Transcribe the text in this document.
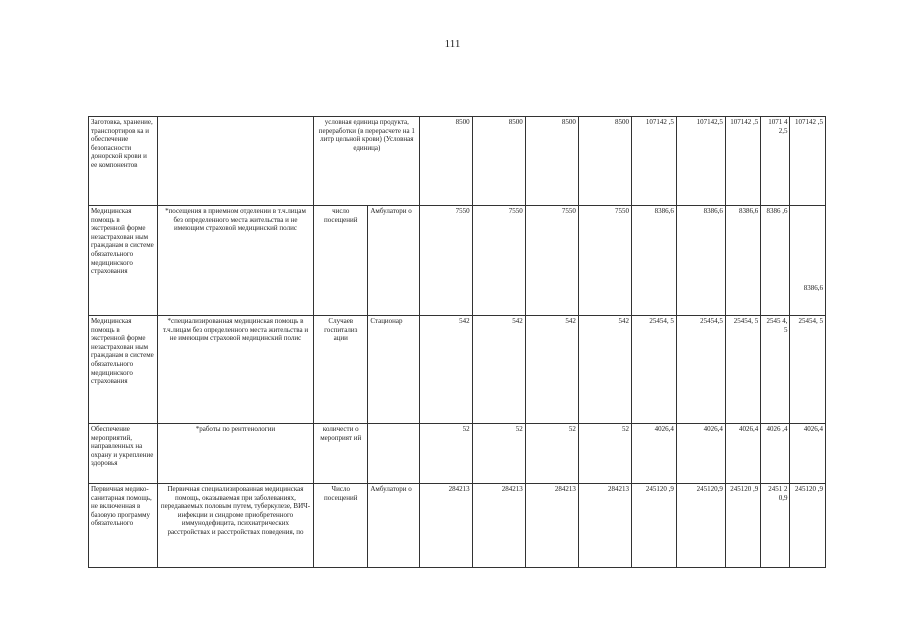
111
Заготовка, хранение, транспортиров ка и обеспечение безопасности донорской крови и ее компонентов		условная единица продукта, переработки (в перерасчете на 1 литр цельной крови) (Условная единица)		8500	8500	8500	8500	107142 ,5	107142,5	107142 ,5	1071 42,5	107142 ,5
Медицинская помощь в экстренной форме незастрахован ным гражданам в системе обязательного медицинского страхования	*посещения в приемном отделении в т.ч.лицам без определенного места жительства и не имеющим страховой медицинский полис	число посещений	Амбулатори о	7550	7550	7550	7550	8386,6	8386,6	8386,6	8386 ,6	8386,6
Медицинская помощь в экстренной форме незастрахован ным гражданам в системе обязательного медицинского страхования	*специализированная медицинская помощь в т.ч.лицам без определенного места жительства и не имеющим страховой медицинский полис	Случаев госпитализ ации	Стационар	542	542	542	542	25454, 5	25454,5	25454, 5	2545 4,5	25454, 5
Обеспечение мероприятий, направленных на охрану и укрепление здоровья	*работы по рентгенологии	количести о мероприят ий		52	52	52	52	4026,4	4026,4	4026,4	4026 ,4	4026,4
Первичная медико-санитарная помощь, не включенная в базовую программу обязательного	Первичная специализированная медицинская помощь, оказываемая при заболеваниях, передаваемых половым путем, туберкулезе, ВИЧ-инфекции и синдроме приобретенного иммунодефицита, психиатрических расстройствах и расстройствах поведения, по	Число посещений	Амбулатори о	284213	284213	284213	284213	245120 ,9	245120,9	245120 ,9	2451 20,9	245120 ,9
